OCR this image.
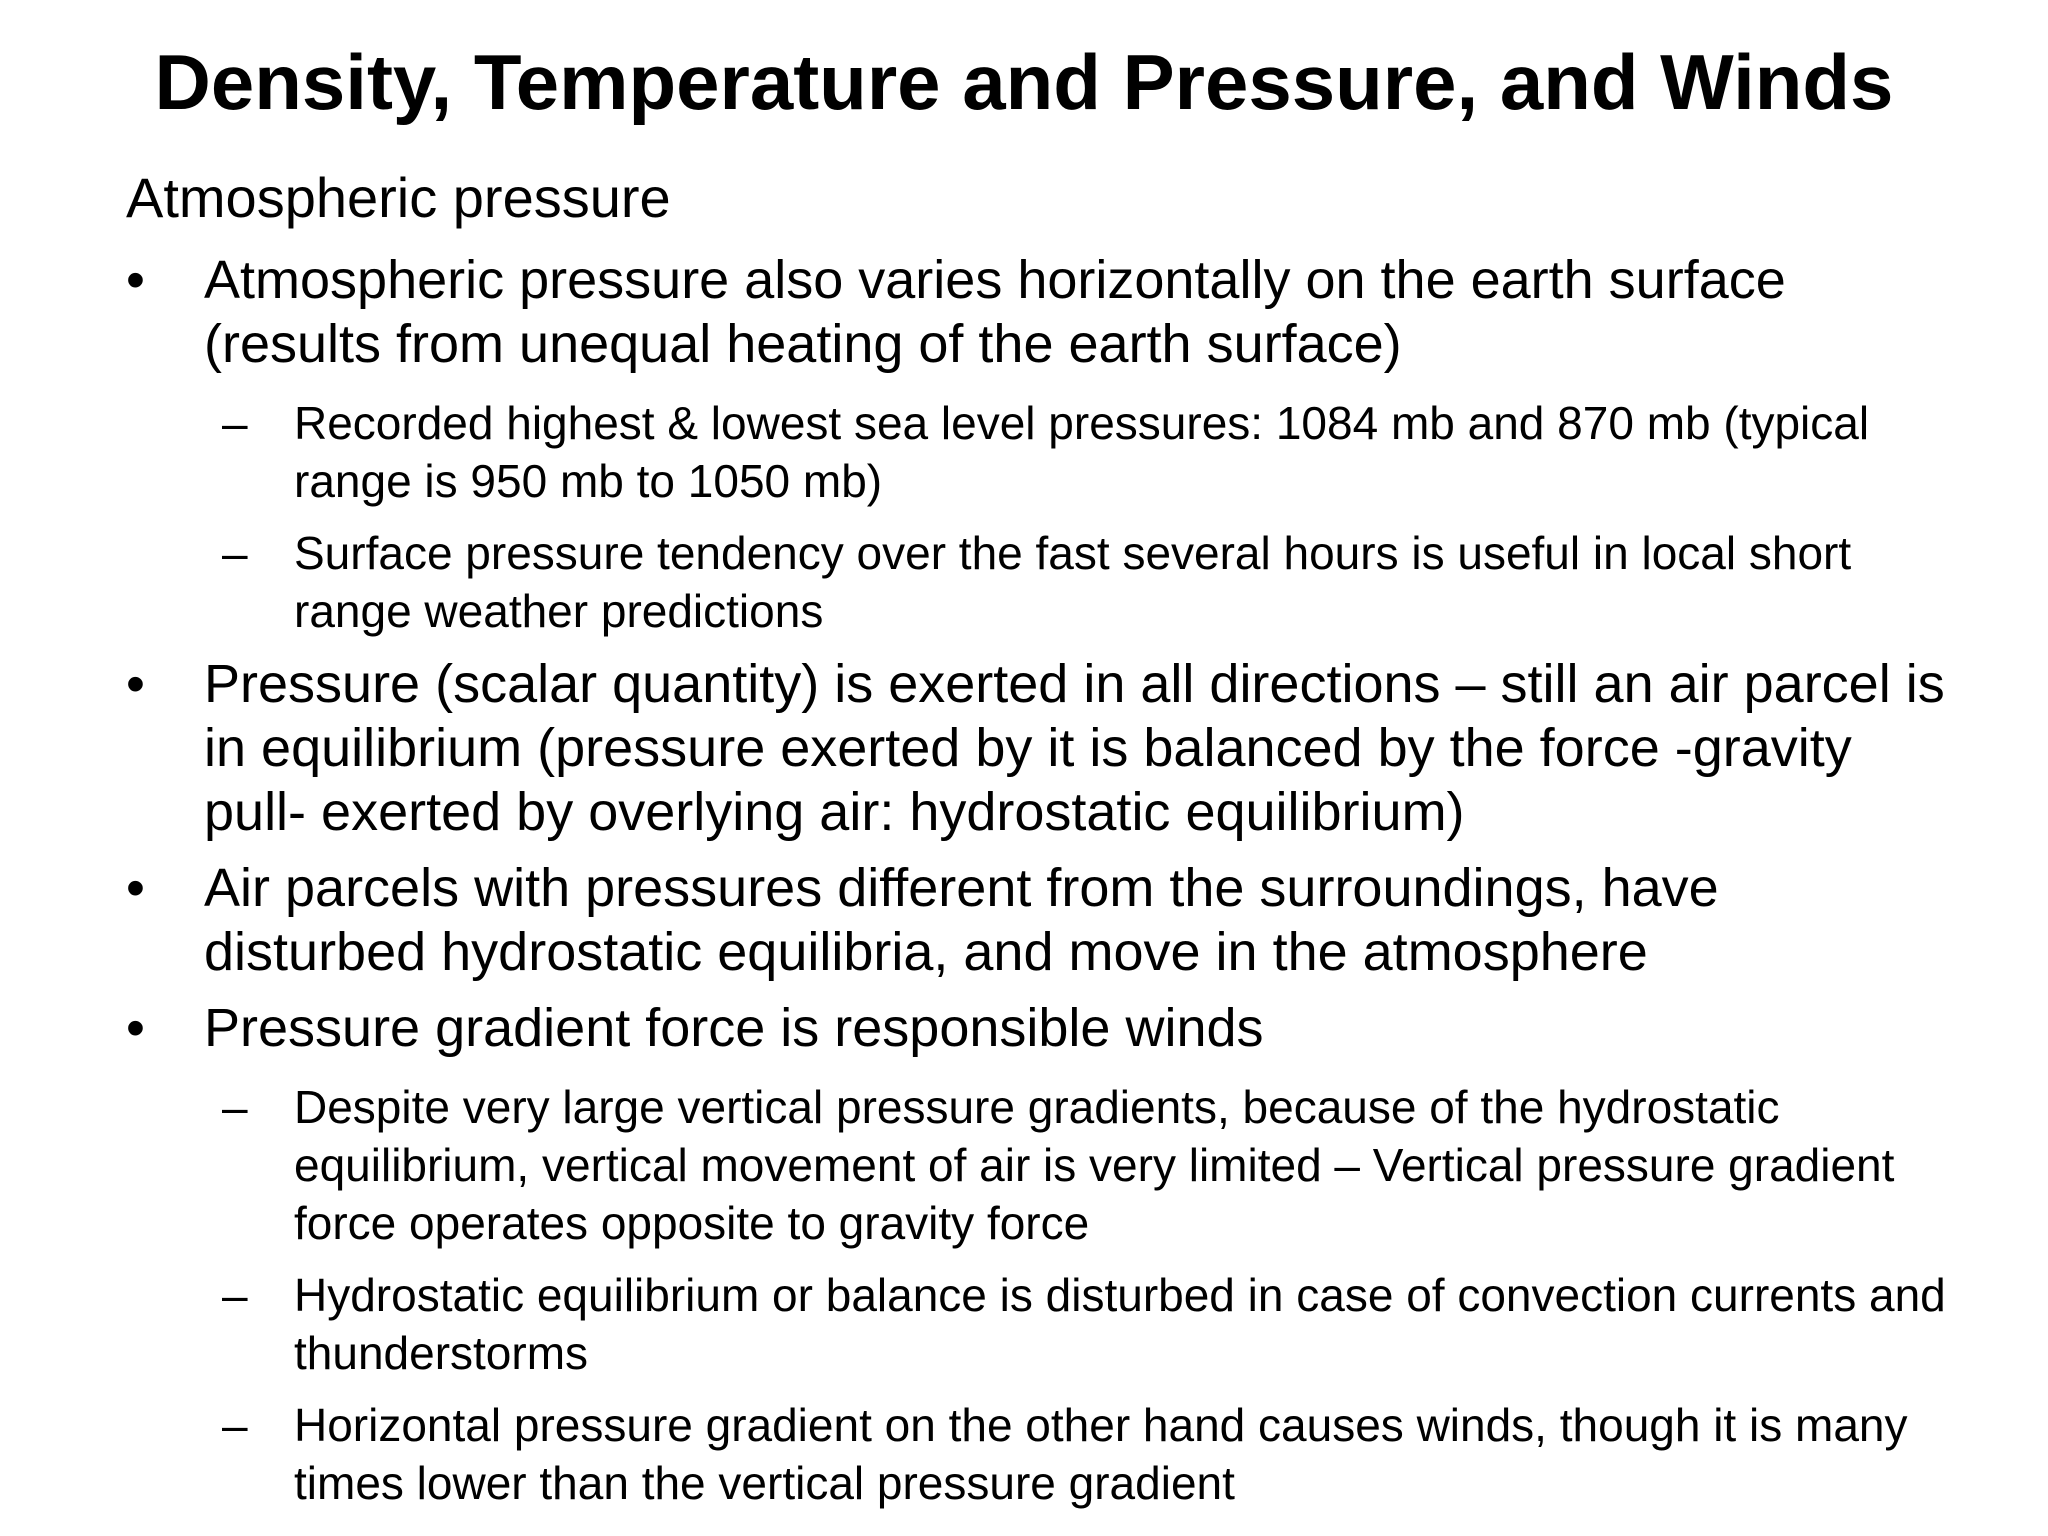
Density, Temperature and Pressure, and Winds
Atmospheric pressure
•	Atmospheric pressure also varies horizontally on the earth surface (results from unequal heating of the earth surface)
– Recorded highest & lowest sea level pressures: 1084 mb and 870 mb (typical range is 950 mb to 1050 mb)
– Surface pressure tendency over the fast several hours is useful in local short range weather predictions
•	Pressure (scalar quantity) is exerted in all directions – still an air parcel is in equilibrium (pressure exerted by it is balanced by the force -gravity pull- exerted by overlying air: hydrostatic equilibrium)
•	Air parcels with pressures different from the surroundings, have disturbed hydrostatic equilibria, and move in the atmosphere
•	Pressure gradient force is responsible winds
– Despite very large vertical pressure gradients, because of the hydrostatic equilibrium, vertical movement of air is very limited – Vertical pressure gradient force operates opposite to gravity force
– Hydrostatic equilibrium or balance is disturbed in case of convection currents and thunderstorms
– Horizontal pressure gradient on the other hand causes winds, though it is many times lower than the vertical pressure gradient
